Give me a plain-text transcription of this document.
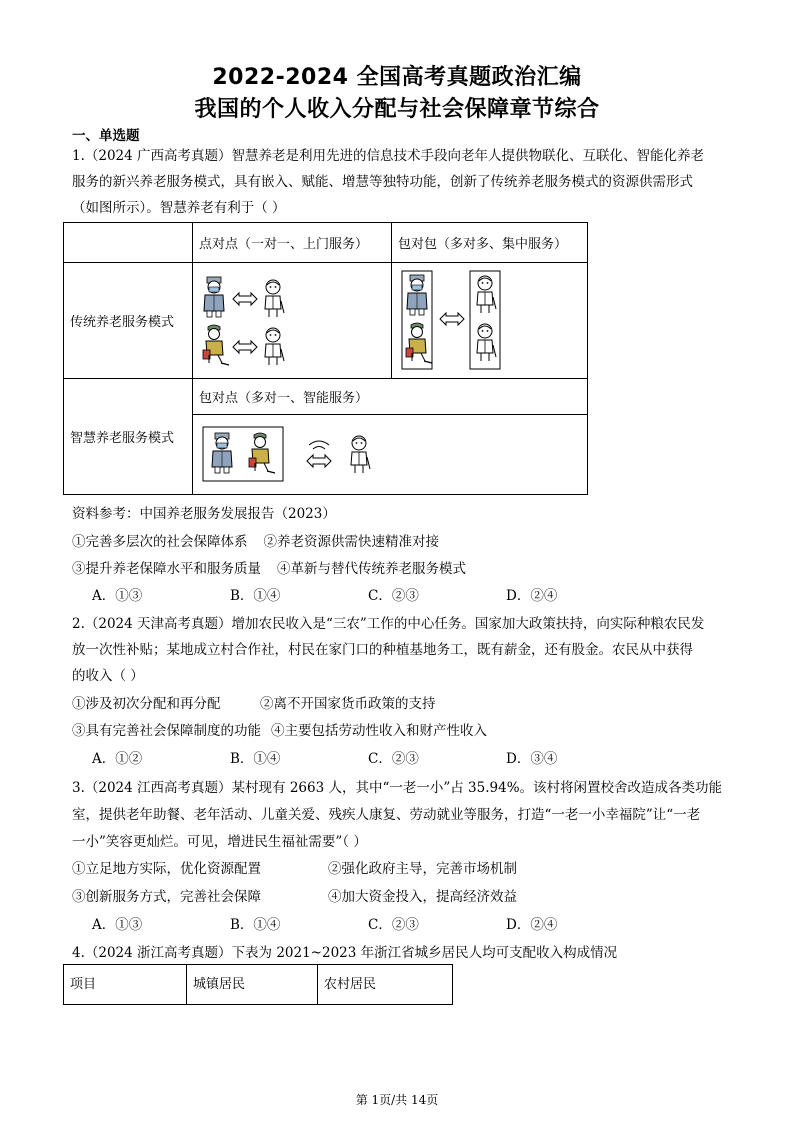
2022-2024 全国高考真题政治汇编
我国的个人收入分配与社会保障章节综合
一、单选题
1.（2024 广西高考真题）智慧养老是利用先进的信息技术手段向老年人提供物联化、互联化、智能化养老
服务的新兴养老服务模式，具有嵌入、赋能、增慧等独特功能，创新了传统养老服务模式的资源供需形式
（如图所示）。智慧养老有利于（ ）
	点对点（一对一、上门服务）	包对包（多对多、集中服务）
传统养老服务模式	

智慧养老服务模式	包对点（多对一、智能服务）	

资料参考：中国养老服务发展报告（2023）
①完善多层次的社会保障体系 ②养老资源供需快速精准对接
③提升养老保障水平和服务质量 ④革新与替代传统养老服务模式
A．①③	B．①④	C．②③	D．②④
2.（2024 天津高考真题）增加农民收入是“三农”工作的中心任务。国家加大政策扶持，向实际种粮农民发
放一次性补贴；某地成立村合作社，村民在家门口的种植基地务工，既有薪金，还有股金。农民从中获得
的收入（ ）
①涉及初次分配和再分配	②离不开国家货币政策的支持
③具有完善社会保障制度的功能 ④主要包括劳动性收入和财产性收入
A．①②	B．①④	C．②③	D．③④
3.（2024 江西高考真题）某村现有 2663 人，其中“一老一小”占 35.94%。该村将闲置校舍改造成各类功能
室，提供老年助餐、老年活动、儿童关爱、残疾人康复、劳动就业等服务，打造“一老一小幸福院”让“一老
一小”笑容更灿烂。可见，增进民生福祉需要”（ ）
①立足地方实际，优化资源配置	②强化政府主导，完善市场机制
③创新服务方式，完善社会保障	④加大资金投入，提高经济效益
A．①③	B．①④	C．②③	D．②④
4.（2024 浙江高考真题）下表为 2021~2023 年浙江省城乡居民人均可支配收入构成情况
项目	城镇居民	农村居民
第 1页/共 14页
